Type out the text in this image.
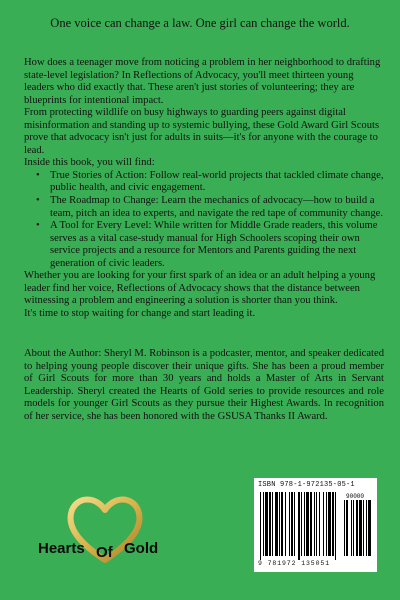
One voice can change a law. One girl can change the world.

How does a teenager move from noticing a problem in her neighborhood to drafting state-level legislation? In Reflections of Advocacy, you'll meet thirteen young leaders who did exactly that. These aren't just stories of volunteering; they are blueprints for intentional impact.

From protecting wildlife on busy highways to guarding peers against digital misinformation and standing up to systemic bullying, these Gold Award Girl Scouts prove that advocacy isn't just for adults in suits—it's for anyone with the courage to lead.

Inside this book, you will find:

• True Stories of Action: Follow real-world projects that tackled climate change, public health, and civic engagement.
• The Roadmap to Change: Learn the mechanics of advocacy—how to build a team, pitch an idea to experts, and navigate the red tape of community change.
• A Tool for Every Level: While written for Middle Grade readers, this volume serves as a vital case-study manual for High Schoolers scoping their own service projects and a resource for Mentors and Parents guiding the next generation of civic leaders.

Whether you are looking for your first spark of an idea or an adult helping a young leader find her voice, Reflections of Advocacy shows that the distance between witnessing a problem and engineering a solution is shorter than you think.

It's time to stop waiting for change and start leading it.

About the Author: Sheryl M. Robinson is a podcaster, mentor, and speaker dedicated to helping young people discover their unique gifts. She has been a proud member of Girl Scouts for more than 30 years and holds a Master of Arts in Servant Leadership. Sheryl created the Hearts of Gold series to provide resources and role models for younger Girl Scouts as they pursue their Highest Awards. In recognition of her service, she has been honored with the GSUSA Thanks II Award.

Hearts Of Gold
ISBN 978-1-972135-05-1
90000
9 781972 135051
